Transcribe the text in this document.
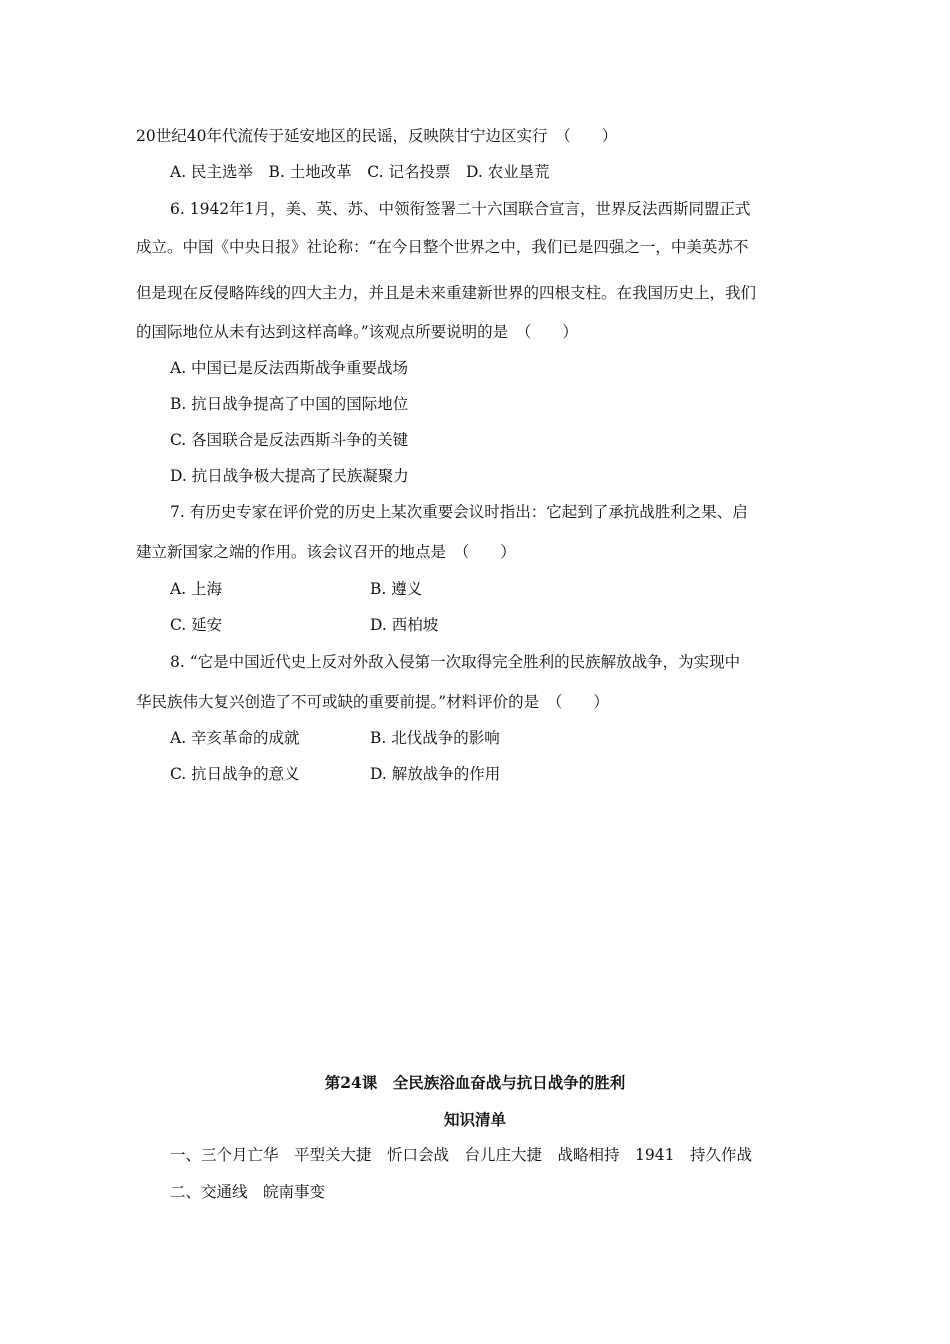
20世纪40年代流传于延安地区的民谣，反映陕甘宁边区实行　（　　）
A. 民主选举　B. 土地改革　C. 记名投票　D. 农业垦荒
6. 1942年1月，美、英、苏、中领衔签署二十六国联合宣言，世界反法西斯同盟正式
成立。中国《中央日报》社论称：“在今日整个世界之中，我们已是四强之一，中美英苏不
但是现在反侵略阵线的四大主力，并且是未来重建新世界的四根支柱。在我国历史上，我们
的国际地位从未有达到这样高峰。”该观点所要说明的是　（　　）
A. 中国已是反法西斯战争重要战场
B. 抗日战争提高了中国的国际地位
C. 各国联合是反法西斯斗争的关键
D. 抗日战争极大提高了民族凝聚力
7. 有历史专家在评价党的历史上某次重要会议时指出：它起到了承抗战胜利之果、启
建立新国家之端的作用。该会议召开的地点是　（　　）
A. 上海	B. 遵义
C. 延安	D. 西柏坡
8. “它是中国近代史上反对外敌入侵第一次取得完全胜利的民族解放战争，为实现中
华民族伟大复兴创造了不可或缺的重要前提。”材料评价的是　（　　）
A. 辛亥革命的成就	B. 北伐战争的影响
C. 抗日战争的意义	D. 解放战争的作用
第24课　全民族浴血奋战与抗日战争的胜利
知识清单
一、三个月亡华　平型关大捷　忻口会战　台儿庄大捷　战略相持　1941　持久作战
二、交通线　皖南事变
